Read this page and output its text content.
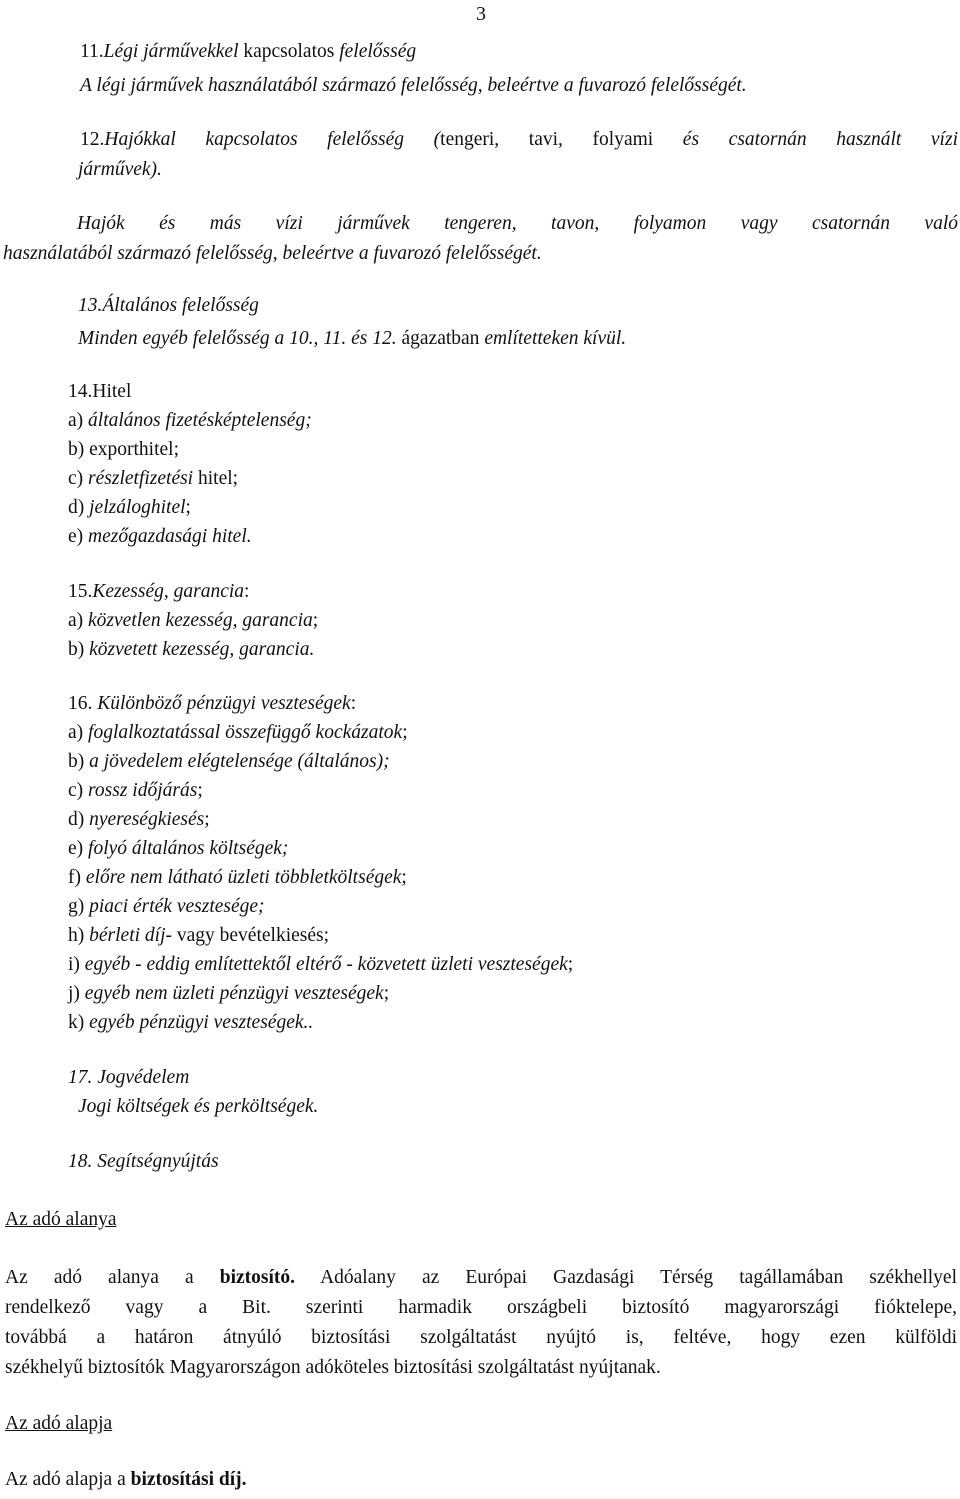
3

11.Légi járművekkel kapcsolatos felelősség

A légi járművek használatából származó felelősség, beleértve a fuvarozó felelősségét.

12.Hajókkal kapcsolatos felelősség (tengeri, tavi, folyami és csatornán használt vízi

járművek).

Hajók és más vízi járművek tengeren, tavon, folyamon vagy csatornán való

használatából származó felelősség, beleértve a fuvarozó felelősségét.

13.Általános felelősség

Minden egyéb felelősség a 10., 11. és 12. ágazatban említetteken kívül.

14.Hitel

a) általános fizetésképtelenség;

b) exporthitel;

c) részletfizetési hitel;

d) jelzáloghitel;

e) mezőgazdasági hitel.

15.Kezesség, garancia:

a) közvetlen kezesség, garancia;

b) közvetett kezesség, garancia.

16. Különböző pénzügyi veszteségek:

a) foglalkoztatással összefüggő kockázatok;

b) a jövedelem elégtelensége (általános);

c) rossz időjárás;

d) nyereségkiesés;

e) folyó általános költségek;

f) előre nem látható üzleti többletköltségek;

g) piaci érték vesztesége;

h) bérleti díj- vagy bevételkiesés;

i) egyéb - eddig említettektől eltérő - közvetett üzleti veszteségek;

j) egyéb nem üzleti pénzügyi veszteségek;

k) egyéb pénzügyi veszteségek..

17. Jogvédelem

Jogi költségek és perköltségek.

18. Segítségnyújtás

Az adó alanya

Az adó alanya a biztosító. Adóalany az Európai Gazdasági Térség tagállamában székhellyel

rendelkező vagy a Bit. szerinti harmadik országbeli biztosító magyarországi fióktelepe,

továbbá a határon átnyúló biztosítási szolgáltatást nyújtó is, feltéve, hogy ezen külföldi

székhelyű biztosítók Magyarországon adóköteles biztosítási szolgáltatást nyújtanak.

Az adó alapja

Az adó alapja a biztosítási díj.
